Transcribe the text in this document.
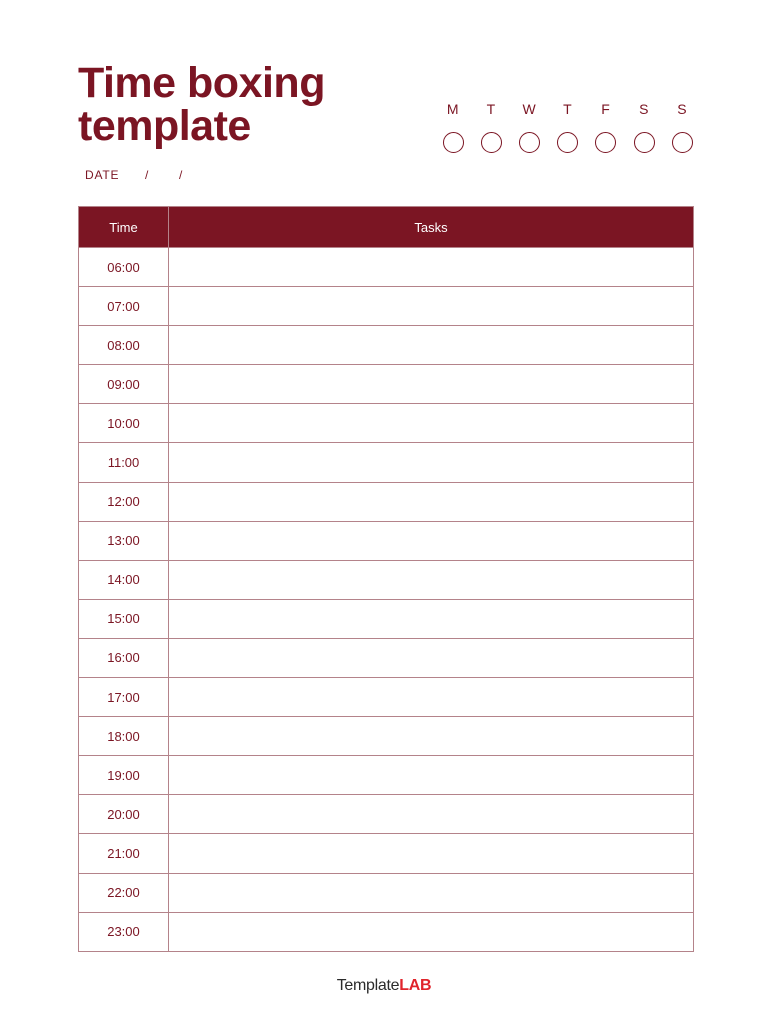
Time boxing
template
DATE / /
M	T	W	T	F	S	S
Time	Tasks
06:00
07:00
08:00
09:00
10:00
11:00
12:00
13:00
14:00
15:00
16:00
17:00
18:00
19:00
20:00
21:00
22:00
23:00
TemplateLAB
